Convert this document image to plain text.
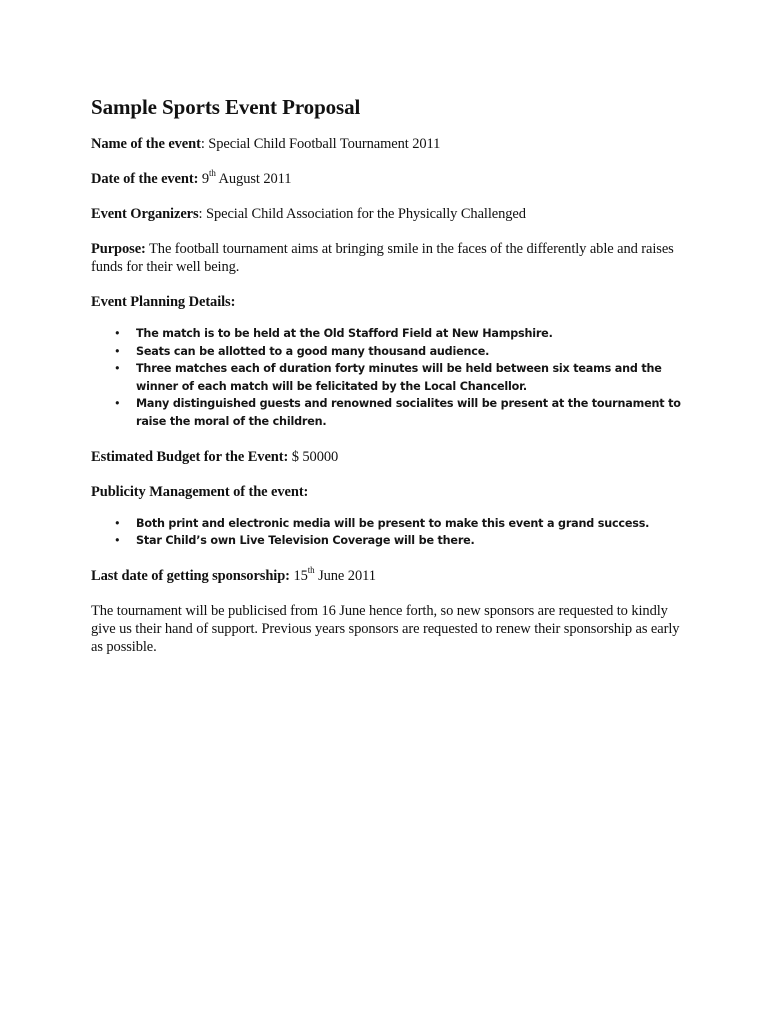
Sample Sports Event Proposal

Name of the event: Special Child Football Tournament 2011

Date of the event: 9th August 2011

Event Organizers: Special Child Association for the Physically Challenged

Purpose: The football tournament aims at bringing smile in the faces of the differently able and raises funds for their well being.

Event Planning Details:

• The match is to be held at the Old Stafford Field at New Hampshire.
• Seats can be allotted to a good many thousand audience.
• Three matches each of duration forty minutes will be held between six teams and the winner of each match will be felicitated by the Local Chancellor.
• Many distinguished guests and renowned socialites will be present at the tournament to raise the moral of the children.

Estimated Budget for the Event: $ 50000

Publicity Management of the event:

• Both print and electronic media will be present to make this event a grand success.
• Star Child’s own Live Television Coverage will be there.

Last date of getting sponsorship: 15th June 2011

The tournament will be publicised from 16 June hence forth, so new sponsors are requested to kindly give us their hand of support. Previous years sponsors are requested to renew their sponsorship as early as possible.
